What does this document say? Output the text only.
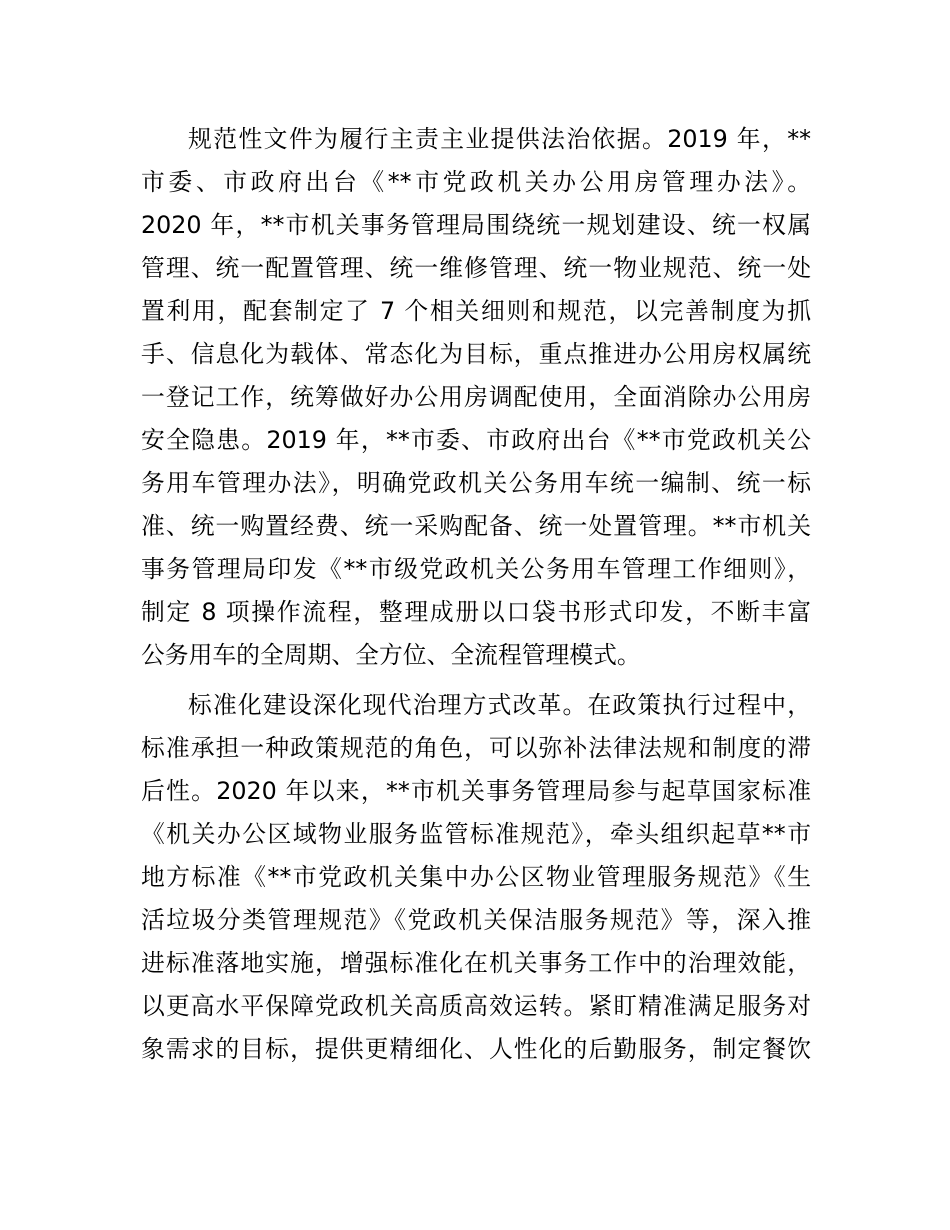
规范性文件为履行主责主业提供法治依据。2019 年，**
市委、市政府出台《**市党政机关办公用房管理办法》。
2020 年，**市机关事务管理局围绕统一规划建设、统一权属
管理、统一配置管理、统一维修管理、统一物业规范、统一处
置利用，配套制定了 7 个相关细则和规范，以完善制度为抓
手、信息化为载体、常态化为目标，重点推进办公用房权属统
一登记工作，统筹做好办公用房调配使用，全面消除办公用房
安全隐患。2019 年，**市委、市政府出台《**市党政机关公
务用车管理办法》，明确党政机关公务用车统一编制、统一标
准、统一购置经费、统一采购配备、统一处置管理。**市机关
事务管理局印发《**市级党政机关公务用车管理工作细则》，
制定 8 项操作流程，整理成册以口袋书形式印发，不断丰富
公务用车的全周期、全方位、全流程管理模式。
标准化建设深化现代治理方式改革。在政策执行过程中，
标准承担一种政策规范的角色，可以弥补法律法规和制度的滞
后性。2020 年以来，**市机关事务管理局参与起草国家标准
《机关办公区域物业服务监管标准规范》，牵头组织起草**市
地方标准《**市党政机关集中办公区物业管理服务规范》《生
活垃圾分类管理规范》《党政机关保洁服务规范》等，深入推
进标准落地实施，增强标准化在机关事务工作中的治理效能，
以更高水平保障党政机关高质高效运转。紧盯精准满足服务对
象需求的目标，提供更精细化、人性化的后勤服务，制定餐饮
